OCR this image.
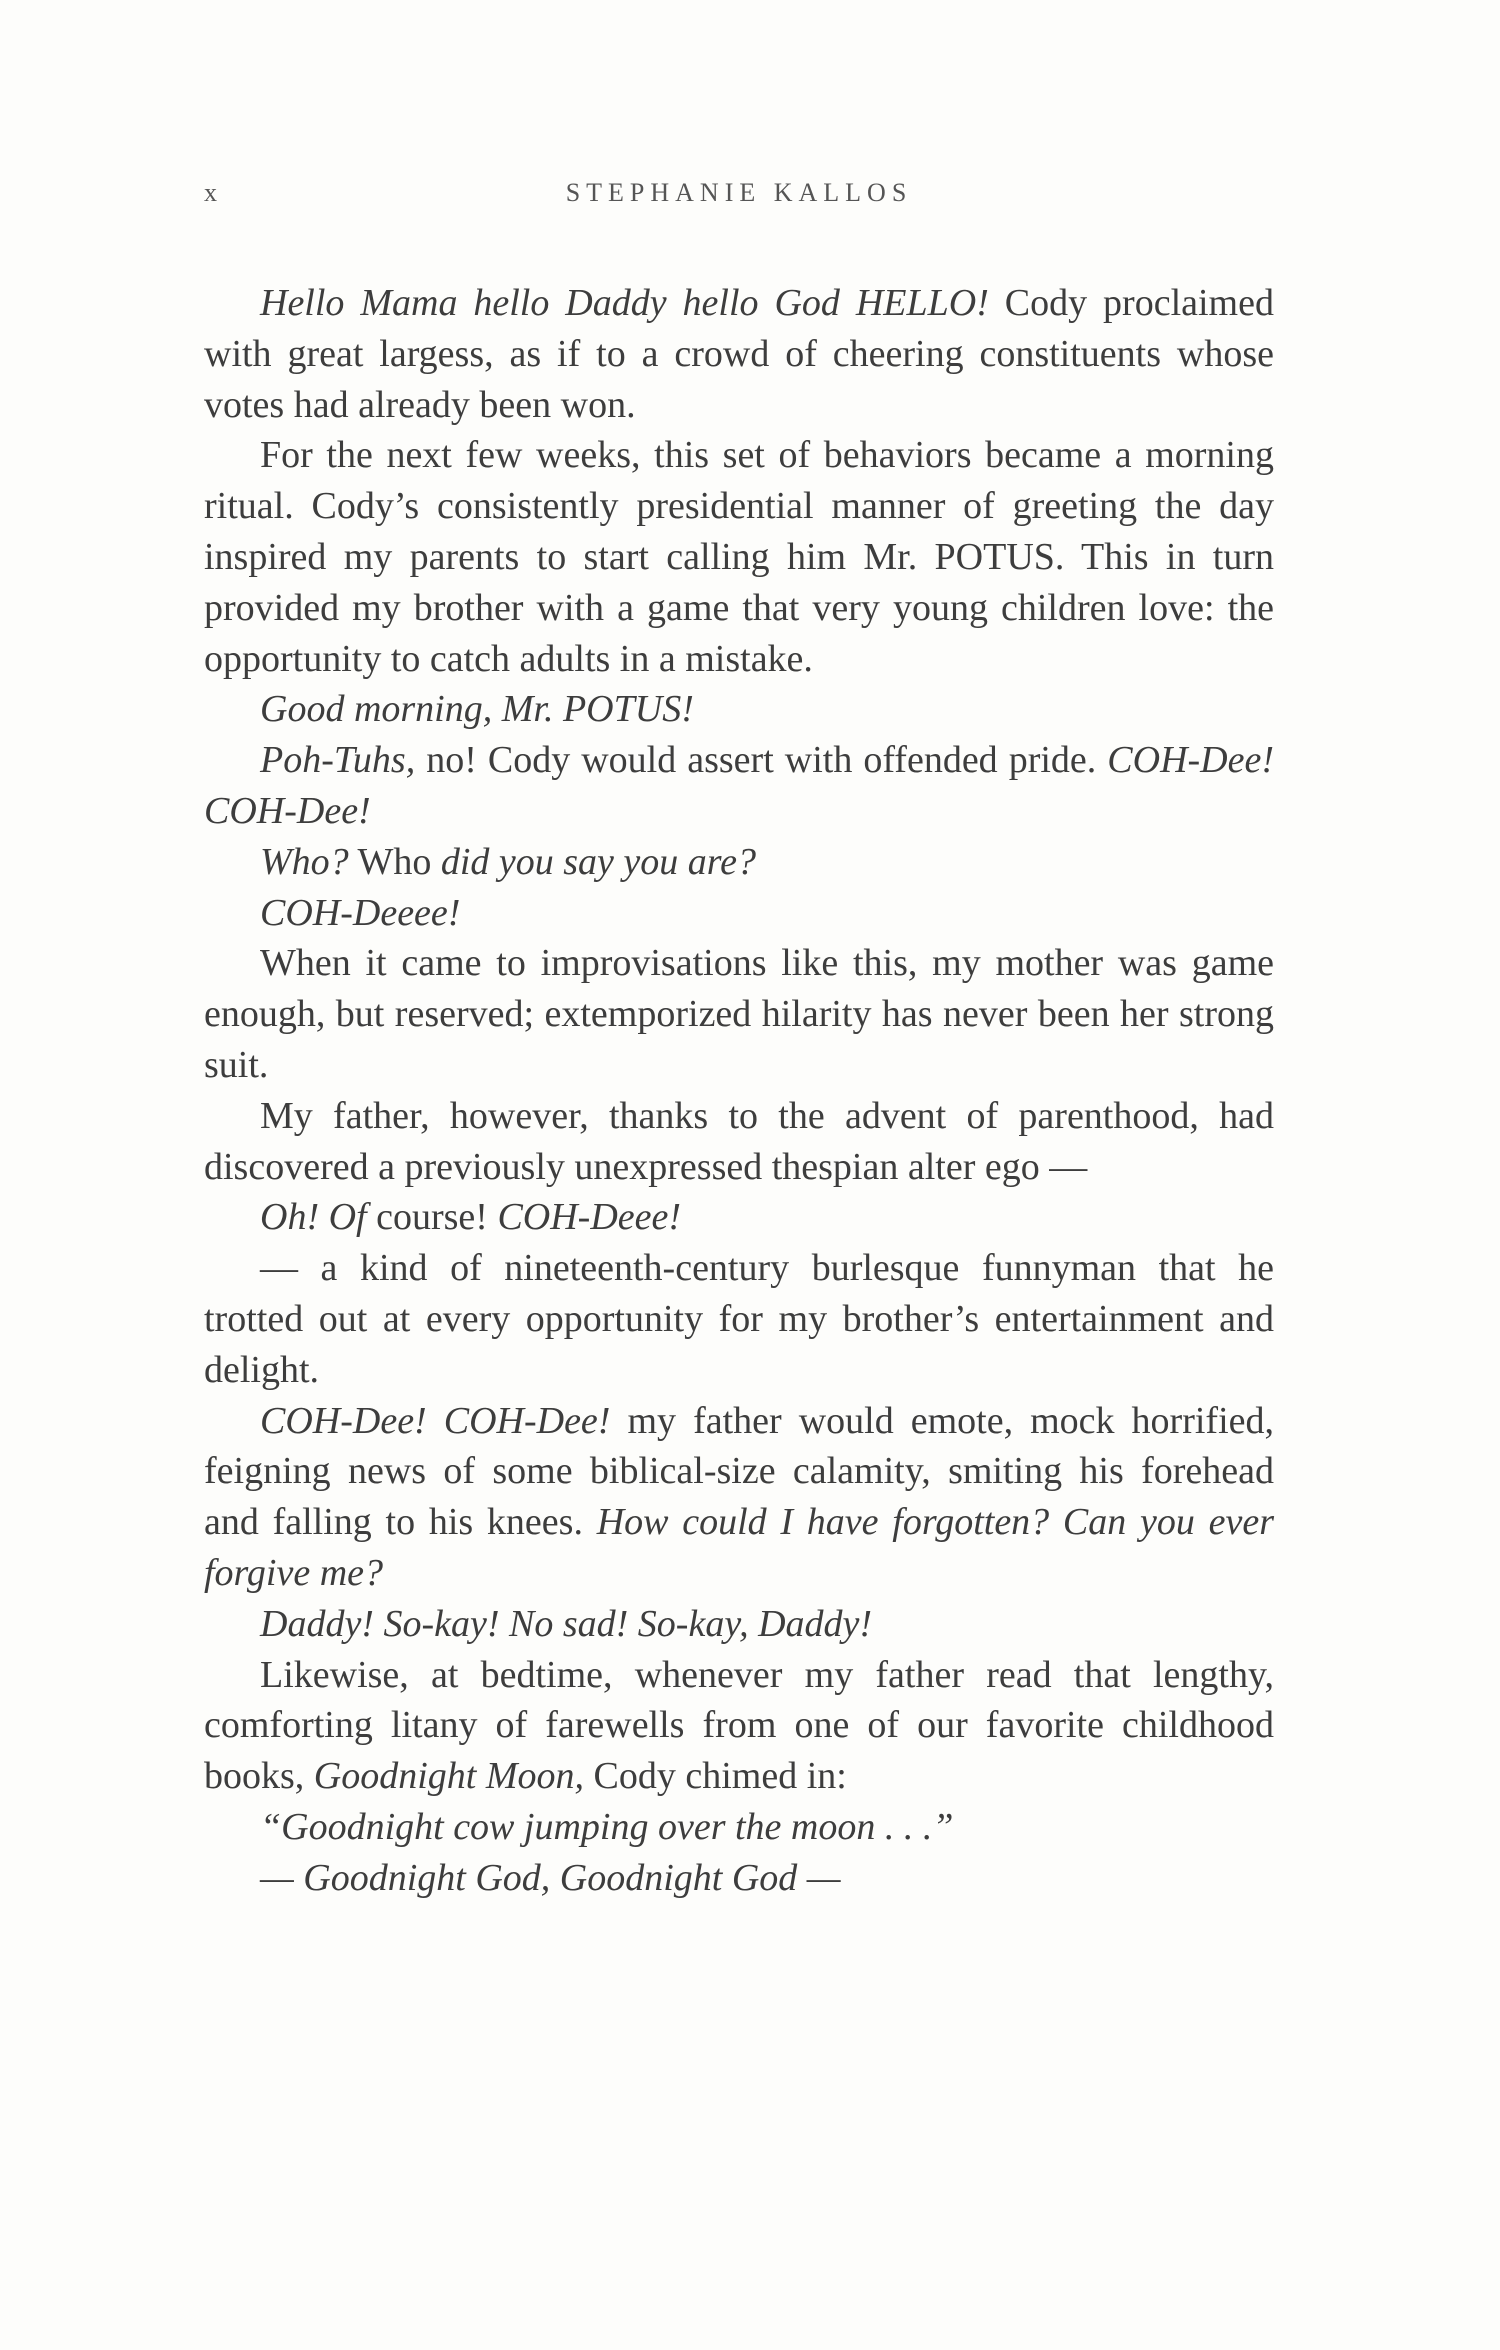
x	STEPHANIE KALLOS

Hello Mama hello Daddy hello God HELLO! Cody proclaimed with great largess, as if to a crowd of cheering constituents whose votes had already been won.

For the next few weeks, this set of behaviors became a morning ritual. Cody’s consistently presidential manner of greeting the day inspired my parents to start calling him Mr. POTUS. This in turn provided my brother with a game that very young children love: the opportunity to catch adults in a mistake.

Good morning, Mr. POTUS!

Poh-Tuhs, no! Cody would assert with offended pride. COH-Dee! COH-Dee!

Who? Who did you say you are?

COH-Deeee!

When it came to improvisations like this, my mother was game enough, but reserved; extemporized hilarity has never been her strong suit.

My father, however, thanks to the advent of parenthood, had discovered a previously unexpressed thespian alter ego —

Oh! Of course! COH-Deee!

— a kind of nineteenth-century burlesque funnyman that he trotted out at every opportunity for my brother’s entertainment and delight.

COH-Dee! COH-Dee! my father would emote, mock horrified, feigning news of some biblical-size calamity, smiting his forehead and falling to his knees. How could I have forgotten? Can you ever forgive me?

Daddy! So-kay! No sad! So-kay, Daddy!

Likewise, at bedtime, whenever my father read that lengthy, comforting litany of farewells from one of our favorite childhood books, Goodnight Moon, Cody chimed in:

“Goodnight cow jumping over the moon . . .”

— Goodnight God, Goodnight God —
